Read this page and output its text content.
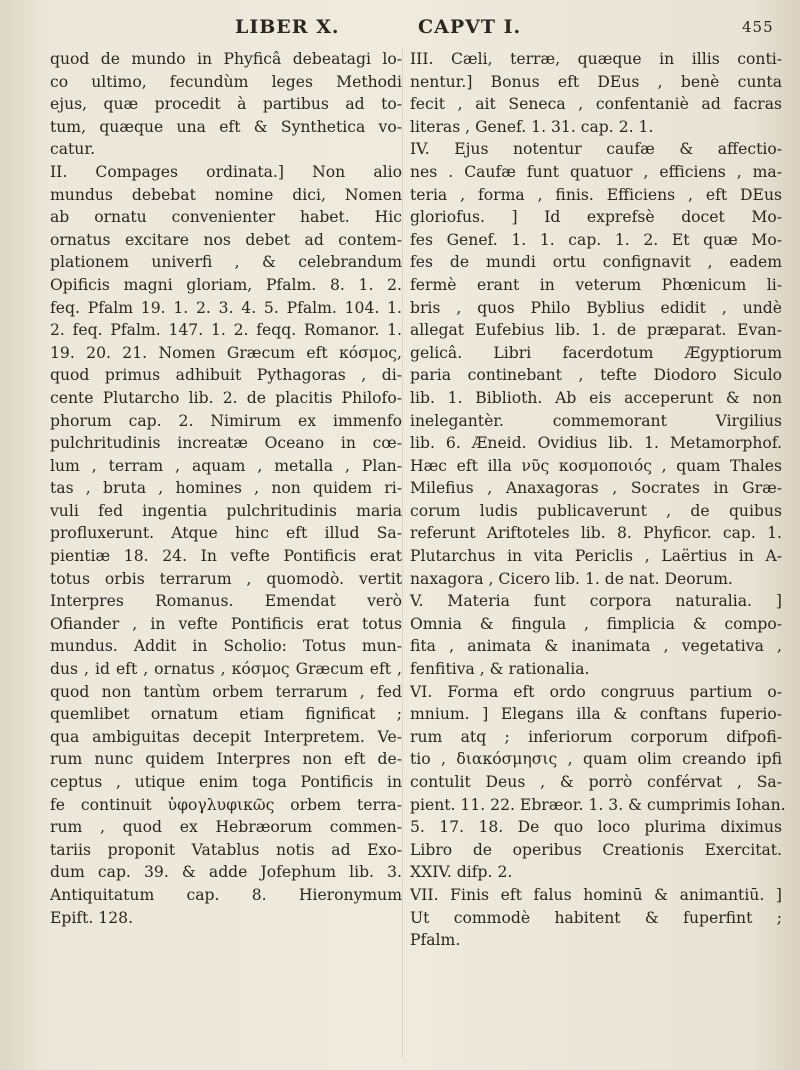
LIBER X.	CAPVT I.	455

quod de mundo in Phyficâ debeatagi lo-

co ultimo, fecundùm leges Methodi

ejus, quæ procedit à partibus ad to-

tum, quæque una eft & Synthetica vo-

catur.

II. Compages ordinata.] Non alio

mundus debebat nomine dici, Nomen

ab ornatu convenienter habet. Hic

ornatus excitare nos debet ad contem-

plationem univerfi , & celebrandum

Opificis magni gloriam, Pfalm. 8. 1. 2.

feq. Pfalm 19. 1. 2. 3. 4. 5. Pfalm. 104. 1.

2. feq. Pfalm. 147. 1. 2. feqq. Romanor. 1.

19. 20. 21. Nomen Græcum eft κόσμος,

quod primus adhibuit Pythagoras , di-

cente Plutarcho lib. 2. de placitis Philofo-

phorum cap. 2. Nimirum ex immenfo

pulchritudinis increatæ Oceano in cœ-

lum , terram , aquam , metalla , Plan-

tas , bruta , homines , non quidem ri-

vuli fed ingentia pulchritudinis maria

profluxerunt. Atque hinc eft illud Sa-

pientiæ 18. 24. In vefte Pontificis erat

totus orbis terrarum , quomodò. vertit

Interpres Romanus. Emendat verò

Ofiander , in vefte Pontificis erat totus

mundus. Addit in Scholio: Totus mun-

dus , id eft , ornatus , κόσμος Græcum eft ,

quod non tantùm orbem terrarum , fed

quemlibet ornatum etiam fignificat ;

qua ambiguitas decepit Interpretem. Ve-

rum nunc quidem Interpres non eft de-

ceptus , utique enim toga Pontificis in

fe continuit ὑφογλυφικῶς orbem terra-

rum , quod ex Hebræorum commen-

tariis proponit Vatablus notis ad Exo-

dum cap. 39. & adde Jofephum lib. 3.

Antiquitatum cap. 8. Hieronymum

Epift. 128.

III. Cæli, terræ, quæque in illis conti-

nentur.] Bonus eft DEus , benè cunta

fecit , ait Seneca , confentaniè ad facras

literas , Genef. 1. 31. cap. 2. 1.

IV. Ejus notentur caufæ & affectio-

nes . Caufæ funt quatuor , efficiens , ma-

teria , forma , finis. Efficiens , eft DEus

gloriofus. ] Id exprefsè docet Mo-

fes Genef. 1. 1. cap. 1. 2. Et quæ Mo-

fes de mundi ortu confignavit , eadem

fermè erant in veterum Phœnicum li-

bris , quos Philo Byblius edidit , undè

allegat Eufebius lib. 1. de præparat. Evan-

gelicâ. Libri facerdotum Ægyptiorum

paria continebant , tefte Diodoro Siculo

lib. 1. Biblioth. Ab eis acceperunt & non

inelegantèr. commemorant Virgilius

lib. 6. Æneid. Ovidius lib. 1. Metamorphof.

Hæc eft illa νῦς κοσμοποιός , quam Thales

Milefius , Anaxagoras , Socrates in Græ-

corum ludis publicaverunt , de quibus

referunt Ariftoteles lib. 8. Phyficor. cap. 1.

Plutarchus in vita Periclis , Laërtius in A-

naxagora , Cicero lib. 1. de nat. Deorum.

V. Materia funt corpora naturalia. ]

Omnia & fingula , fimplicia & compo-

fita , animata & inanimata , vegetativa ,

fenfitiva , & rationalia.

VI. Forma eft ordo congruus partium o-

mnium. ] Elegans illa & conftans fuperio-

rum atq ; inferiorum corporum difpofi-

tio , διακόσμησις , quam olim creando ipfi

contulit Deus , & porrò conférvat , Sa-

pient. 11. 22. Ebræor. 1. 3. & cumprimis Iohan.

5. 17. 18. De quo loco plurima diximus

Libro de operibus Creationis Exercitat.

XXIV. difp. 2.

VII. Finis eft falus hominū & animantiū. ]

Ut commodè habitent & fuperfint ;

Pfalm.
